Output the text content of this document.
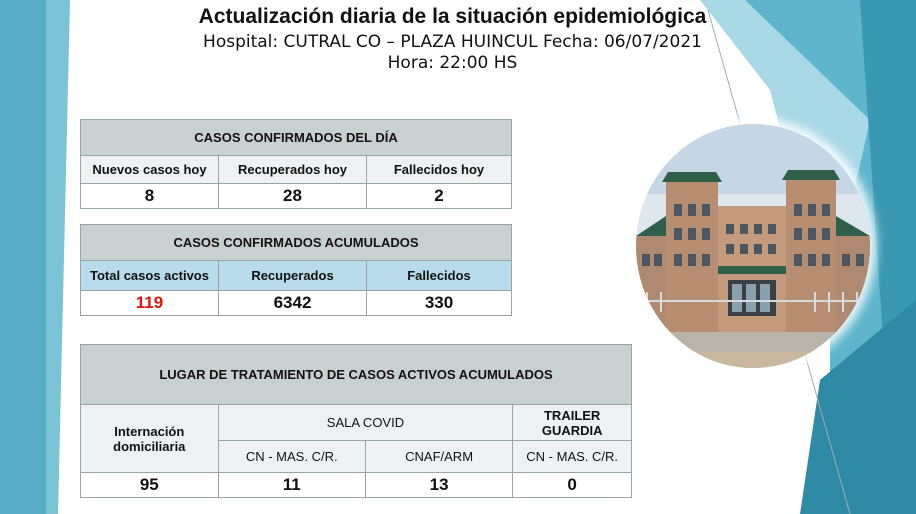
Actualización diaria de la situación epidemiológica

Hospital: CUTRAL CO – PLAZA HUINCUL Fecha: 06/07/2021

Hora: 22:00 HS

CASOS CONFIRMADOS DEL DÍA		
Nuevos casos hoy	Recuperados hoy	Fallecidos hoy
8	28	2
CASOS CONFIRMADOS ACUMULADOS		
Total casos activos	Recuperados	Fallecidos
119	6342	330
LUGAR DE TRATAMIENTO DE CASOS ACTIVOS ACUMULADOS			
Internación domiciliaria	SALA COVID		TRAILER GUARDIA
	CN - MAS. C/R.	CNAF/ARM	CN - MAS. C/R.
95	11	13	0
